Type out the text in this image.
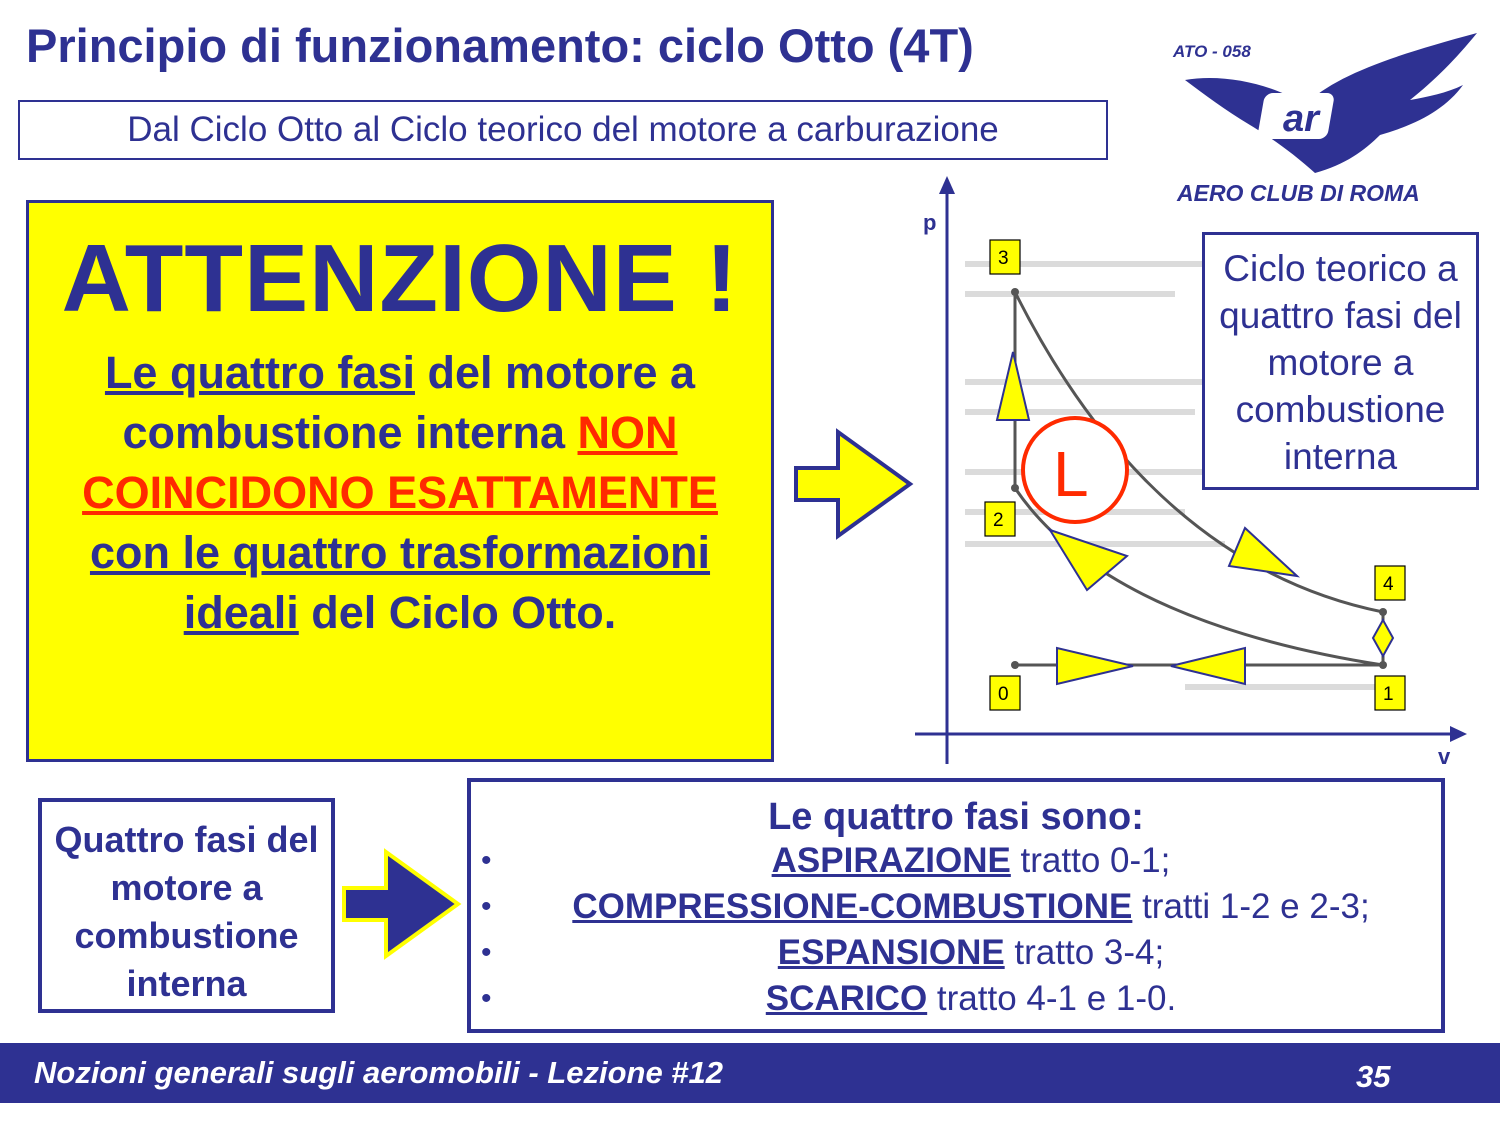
Principio di funzionamento: ciclo Otto (4T)
Dal Ciclo Otto al Ciclo teorico del motore a carburazione
ATO - 058
ar
AERO CLUB DI ROMA
ATTENZIONE !
Le quattro fasi del motore a combustione interna NON COINCIDONO ESATTAMENTE con le quattro trasformazioni ideali del Ciclo Otto.
p
v
3
2
4
0	1
L
Ciclo teorico a quattro fasi del motore a combustione interna
Quattro fasi del motore a combustione interna
Le quattro fasi sono:
•	ASPIRAZIONE tratto 0-1;
• COMPRESSIONE-COMBUSTIONE tratti 1-2 e 2-3;
•	ESPANSIONE tratto 3-4;
•	SCARICO tratto 4-1 e 1-0.
Nozioni generali sugli aeromobili - Lezione #12	35
